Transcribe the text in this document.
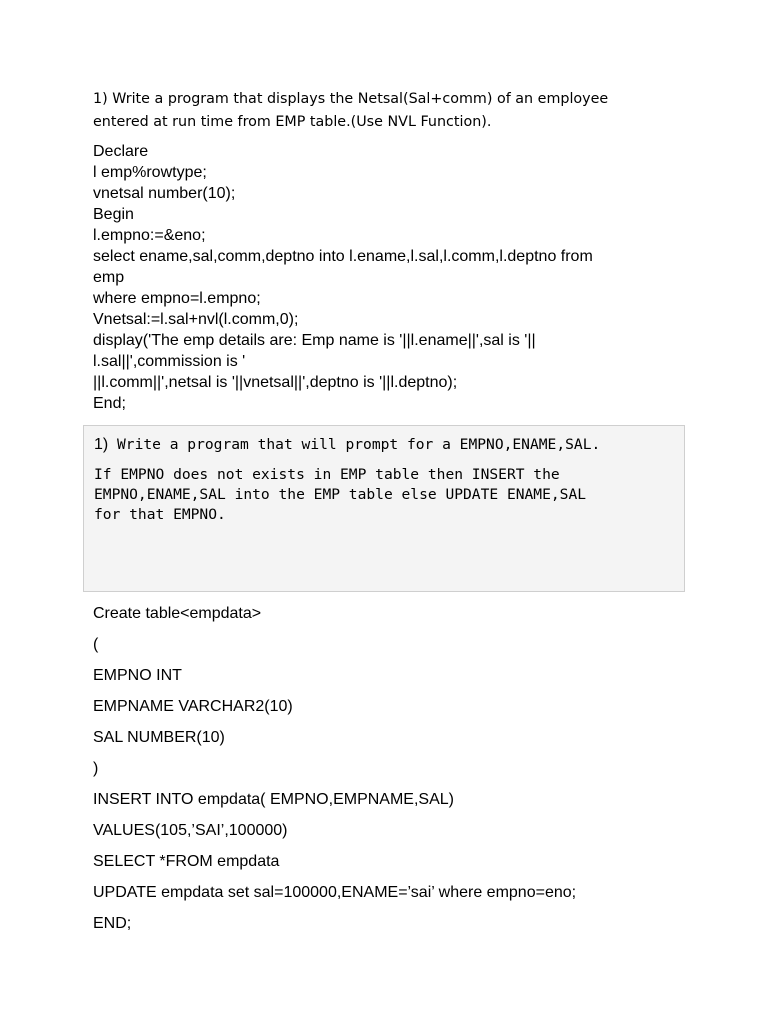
1) Write a program that displays the Netsal(Sal+comm) of an employee
entered at run time from EMP table.(Use NVL Function).
Declare
l emp%rowtype;
vnetsal number(10);
Begin
l.empno:=&eno;
select ename,sal,comm,deptno into l.ename,l.sal,l.comm,l.deptno from
emp
where empno=l.empno;
Vnetsal:=l.sal+nvl(l.comm,0);
display('The emp details are: Emp name is '||l.ename||',sal is '||
l.sal||',commission is '
||l.comm||',netsal is '||vnetsal||',deptno is '||l.deptno);
End;
1) Write a program that will prompt for a EMPNO,ENAME,SAL.
If EMPNO does not exists in EMP table then INSERT the
EMPNO,ENAME,SAL into the EMP table else UPDATE ENAME,SAL
for that EMPNO.
Create table<empdata>
(
EMPNO INT
EMPNAME VARCHAR2(10)
SAL NUMBER(10)
)
INSERT INTO empdata( EMPNO,EMPNAME,SAL)
VALUES(105,’SAI’,100000)
SELECT *FROM empdata
UPDATE empdata set sal=100000,ENAME=’sai’ where empno=eno;
END;
